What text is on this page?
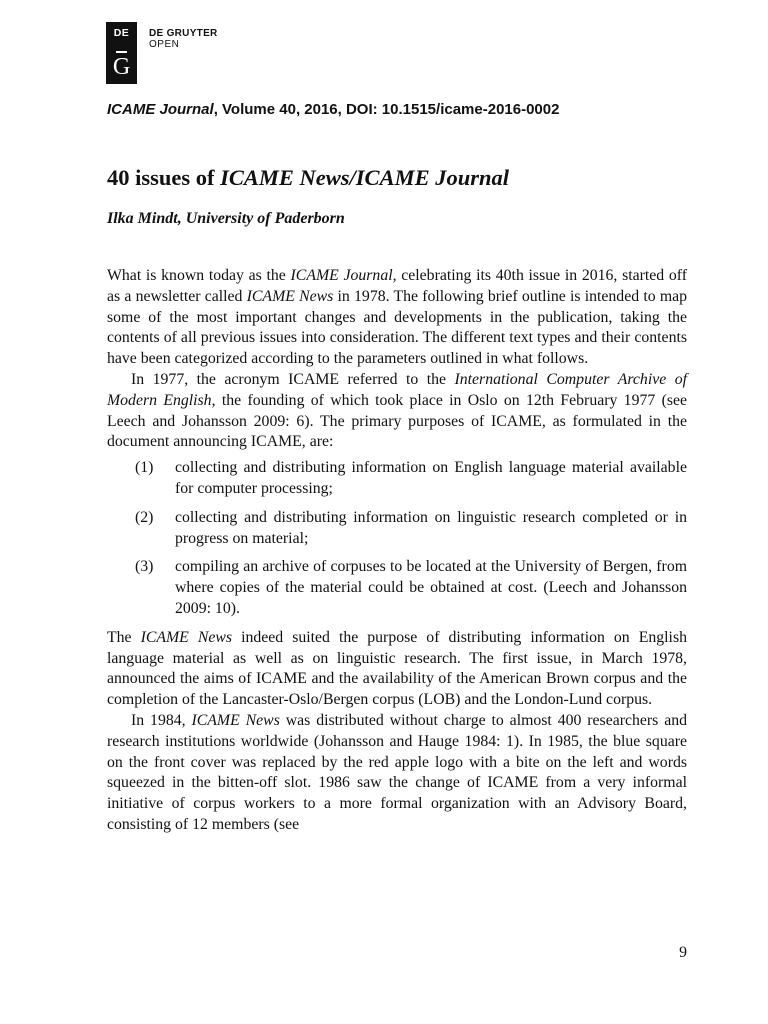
DE
G
DE GRUYTER
OPEN
ICAME Journal, Volume 40, 2016, DOI: 10.1515/icame-2016-0002
40 issues of ICAME News/ICAME Journal
Ilka Mindt, University of Paderborn

What is known today as the ICAME Journal, celebrating its 40th issue in 2016, started off as a newsletter called ICAME News in 1978. The following brief outline is intended to map some of the most important changes and developments in the publication, taking the contents of all previous issues into consideration. The different text types and their contents have been categorized according to the parameters outlined in what follows.

In 1977, the acronym ICAME referred to the International Computer Archive of Modern English, the founding of which took place in Oslo on 12th February 1977 (see Leech and Johansson 2009: 6). The primary purposes of ICAME, as formulated in the document announcing ICAME, are:

(1)	collecting and distributing information on English language material available for computer processing;
(2)	collecting and distributing information on linguistic research completed or in progress on material;
(3)	compiling an archive of corpuses to be located at the University of Bergen, from where copies of the material could be obtained at cost. (Leech and Johansson 2009: 10).

The ICAME News indeed suited the purpose of distributing information on English language material as well as on linguistic research. The first issue, in March 1978, announced the aims of ICAME and the availability of the American Brown corpus and the completion of the Lancaster-Oslo/Bergen corpus (LOB) and the London-Lund corpus.

In 1984, ICAME News was distributed without charge to almost 400 researchers and research institutions worldwide (Johansson and Hauge 1984: 1). In 1985, the blue square on the front cover was replaced by the red apple logo with a bite on the left and words squeezed in the bitten-off slot. 1986 saw the change of ICAME from a very informal initiative of corpus workers to a more formal organization with an Advisory Board, consisting of 12 members (see

9
